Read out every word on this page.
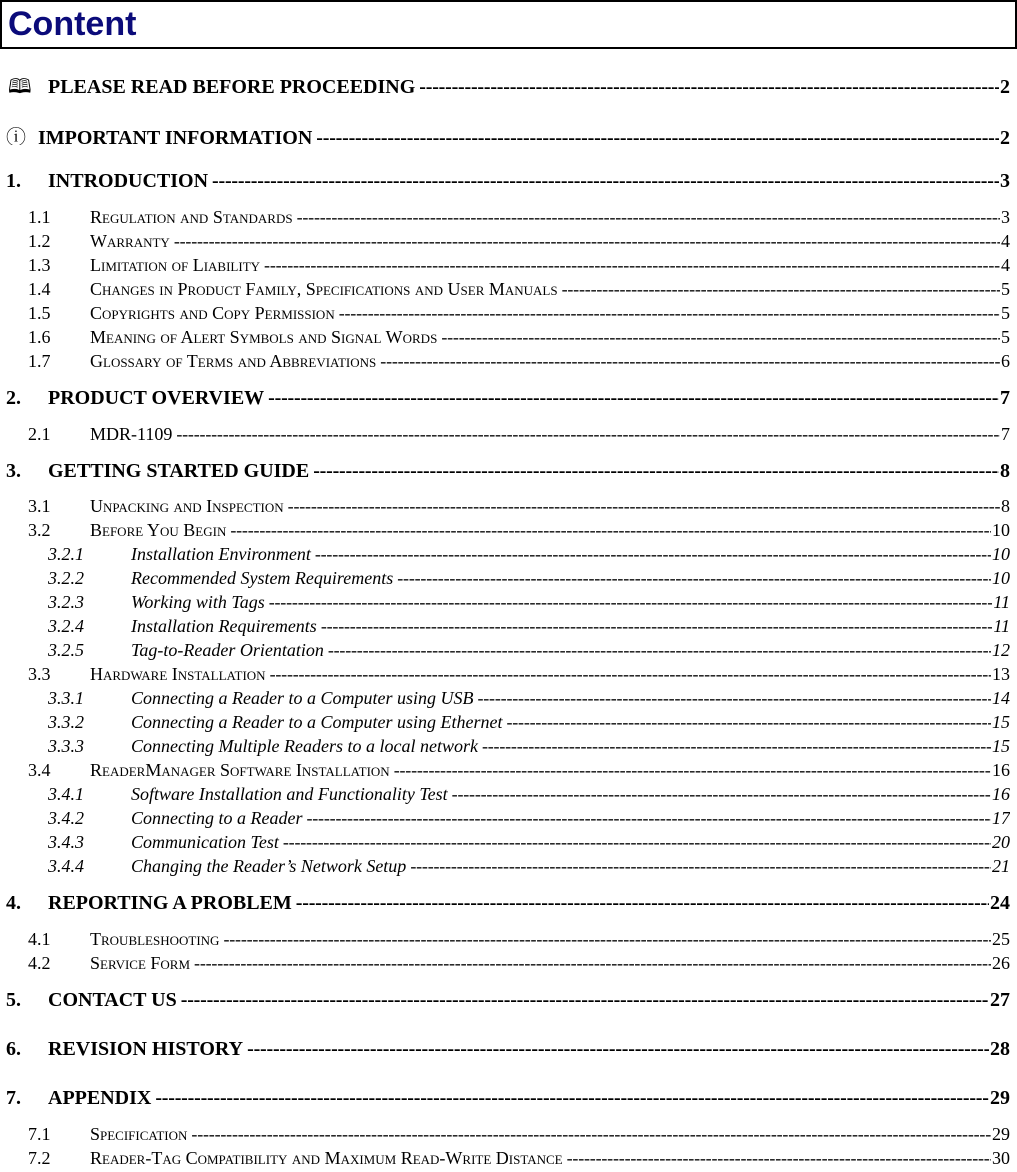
Content
🕮 PLEASE READ BEFORE PROCEEDING -----	2
ⓘ IMPORTANT INFORMATION -----	2
1.	INTRODUCTION -----	3
1.1	Regulation and Standards -----	3
1.2	Warranty -----	4
1.3	Limitation of Liability -----	4
1.4	Changes in Product Family, Specifications and User Manuals -----	5
1.5	Copyrights and Copy Permission -----	5
1.6	Meaning of Alert Symbols and Signal Words -----	5
1.7	Glossary of Terms and Abbreviations -----	6
2.	PRODUCT OVERVIEW -----	7
2.1	MDR-1109 -----	7
3.	GETTING STARTED GUIDE -----	8
3.1	Unpacking and Inspection -----	8
3.2	Before You Begin -----	10
3.2.1	Installation Environment -----	10
3.2.2	Recommended System Requirements -----	10
3.2.3	Working with Tags -----	11
3.2.4	Installation Requirements -----	11
3.2.5	Tag-to-Reader Orientation -----	12
3.3	Hardware Installation -----	13
3.3.1	Connecting a Reader to a Computer using USB -----	14
3.3.2	Connecting a Reader to a Computer using Ethernet -----	15
3.3.3	Connecting Multiple Readers to a local network -----	15
3.4	ReaderManager Software Installation -----	16
3.4.1	Software Installation and Functionality Test -----	16
3.4.2	Connecting to a Reader -----	17
3.4.3	Communication Test -----	20
3.4.4	Changing the Reader’s Network Setup -----	21
4.	REPORTING A PROBLEM -----	24
4.1	Troubleshooting -----	25
4.2	Service Form -----	26
5.	CONTACT US -----	27
6.	REVISION HISTORY -----	28
7.	APPENDIX -----	29
7.1	Specification -----	29
7.2	Reader-Tag Compatibility and Maximum Read-Write Distance -----	30
